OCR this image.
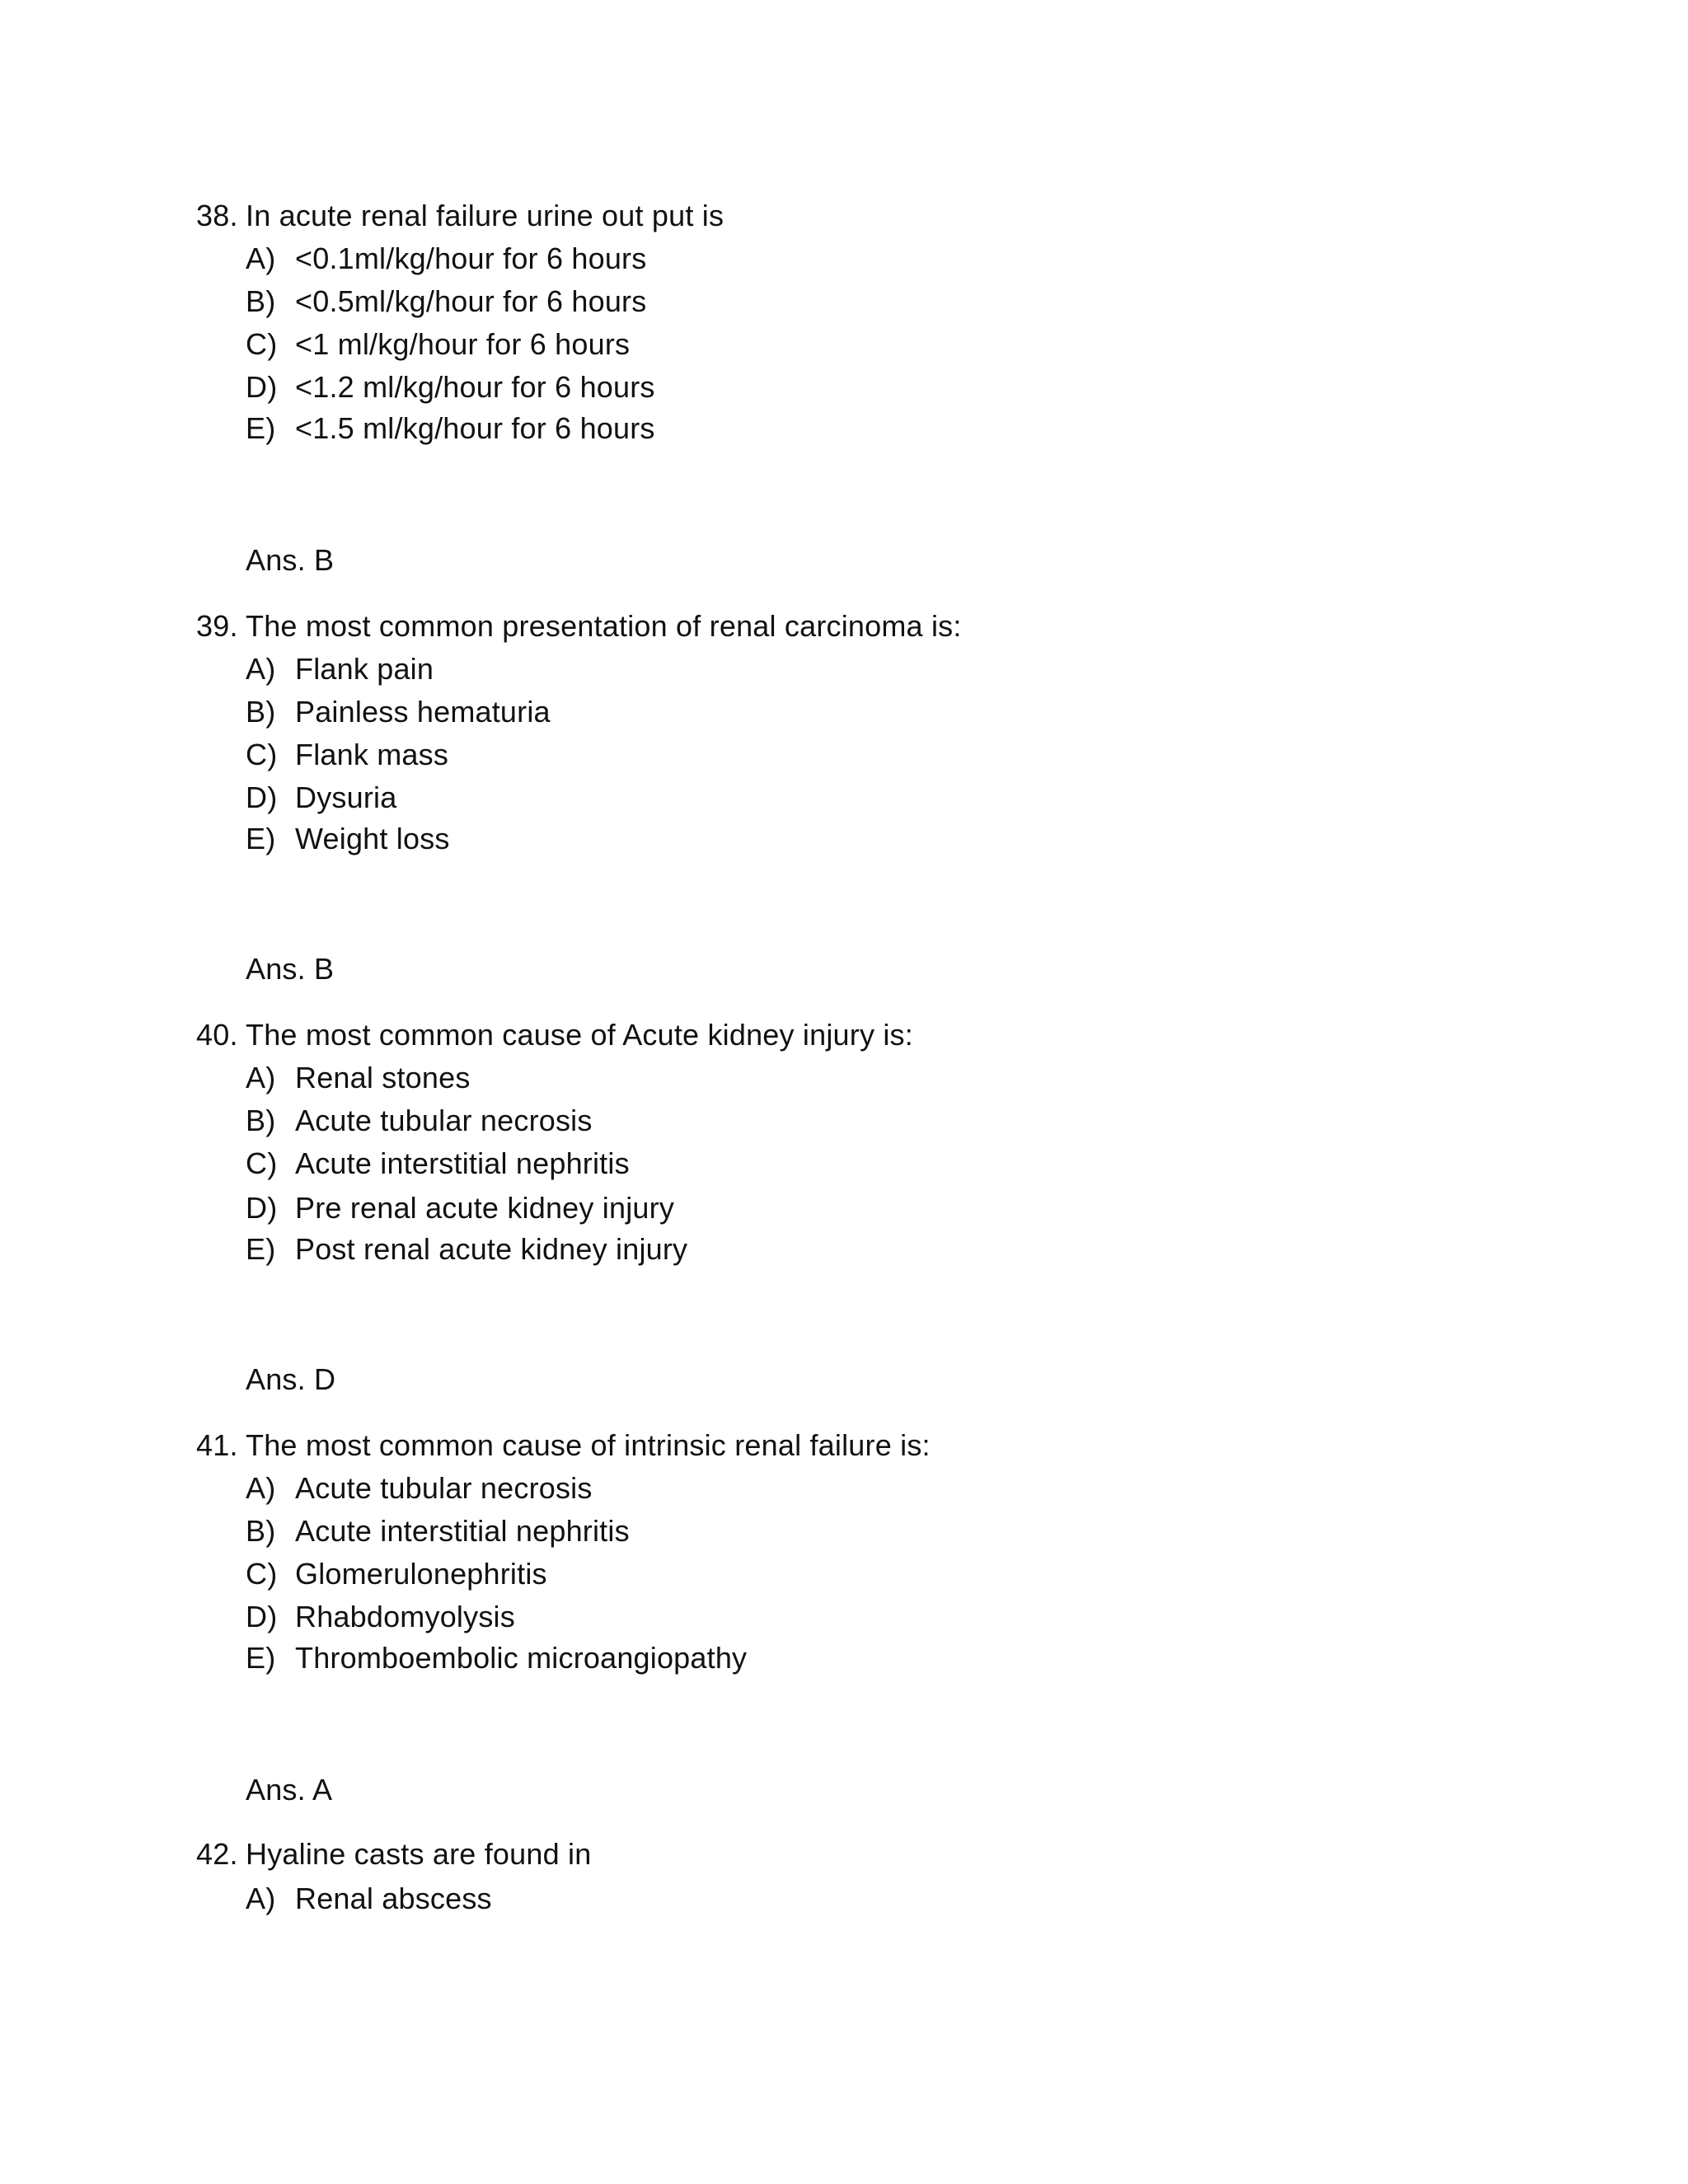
38. In acute renal failure urine out put is
A) <0.1ml/kg/hour for 6 hours
B) <0.5ml/kg/hour for 6 hours
C) <1 ml/kg/hour for 6 hours
D) <1.2 ml/kg/hour for 6 hours
E) <1.5 ml/kg/hour for 6 hours
Ans. B
39. The most common presentation of renal carcinoma is:
A) Flank pain
B) Painless hematuria
C) Flank mass
D) Dysuria
E) Weight loss
Ans. B
40. The most common cause of Acute kidney injury is:
A) Renal stones
B) Acute tubular necrosis
C) Acute interstitial nephritis
D) Pre renal acute kidney injury
E) Post renal acute kidney injury
Ans. D
41. The most common cause of intrinsic renal failure is:
A) Acute tubular necrosis
B) Acute interstitial nephritis
C) Glomerulonephritis
D) Rhabdomyolysis
E) Thromboembolic microangiopathy
Ans. A
42. Hyaline casts are found in
A) Renal abscess
